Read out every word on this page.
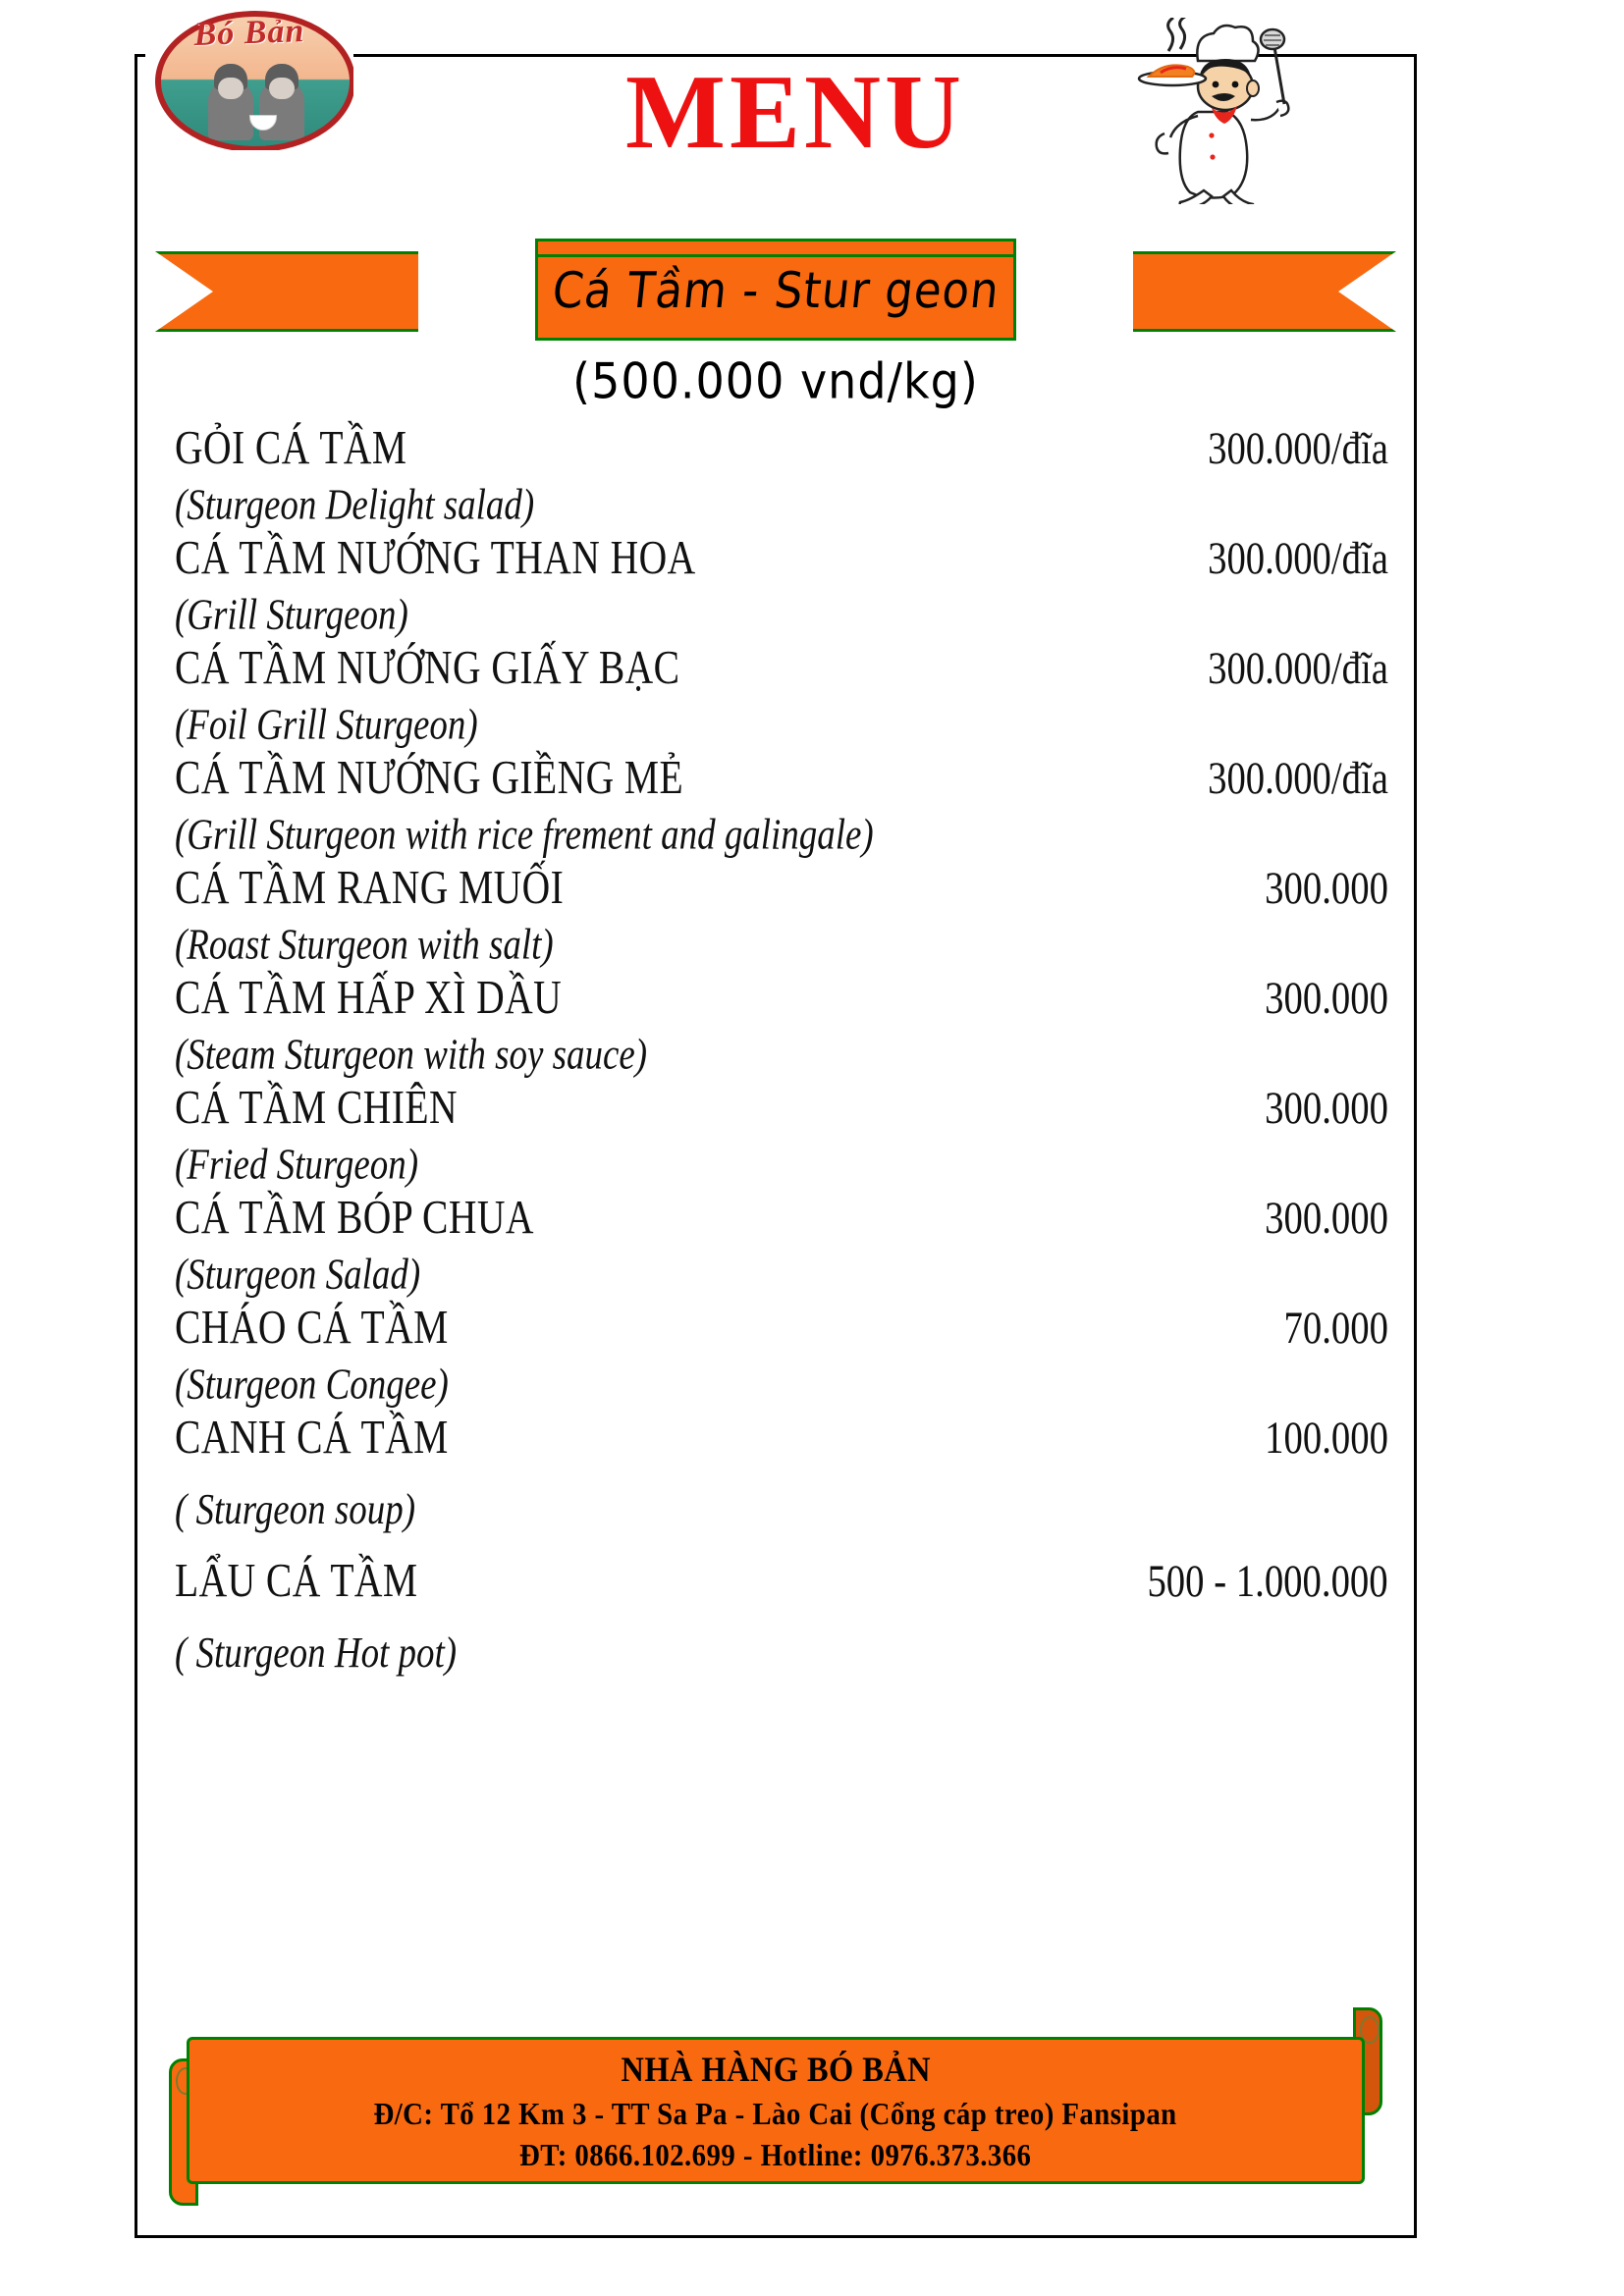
Bó Bản
MENU
Cá Tầm - Stur geon
(500.000 vnd/kg)
GỎI CÁ TẦM	300.000/đĩa
(Sturgeon Delight salad)
CÁ TẦM NƯỚNG THAN HOA	300.000/đĩa
(Grill Sturgeon)
CÁ TẦM NƯỚNG GIẤY BẠC	300.000/đĩa
(Foil Grill Sturgeon)
CÁ TẦM NƯỚNG GIỀNG MẺ	300.000/đĩa
(Grill Sturgeon with rice frement and galingale)
CÁ TẦM RANG MUỐI	300.000
(Roast Sturgeon with salt)
CÁ TẦM HẤP XÌ DẦU	300.000
(Steam Sturgeon with soy sauce)
CÁ TẦM CHIÊN	300.000
(Fried Sturgeon)
CÁ TẦM BÓP CHUA	300.000
(Sturgeon Salad)
CHÁO CÁ TẦM	70.000
(Sturgeon Congee)
CANH CÁ TẦM	100.000
( Sturgeon soup)
LẨU CÁ TẦM	500 - 1.000.000
( Sturgeon Hot pot)
NHÀ HÀNG BÓ BẢN
Đ/C: Tổ 12 Km 3 - TT Sa Pa - Lào Cai (Cổng cáp treo) Fansipan
ĐT: 0866.102.699 - Hotline: 0976.373.366
